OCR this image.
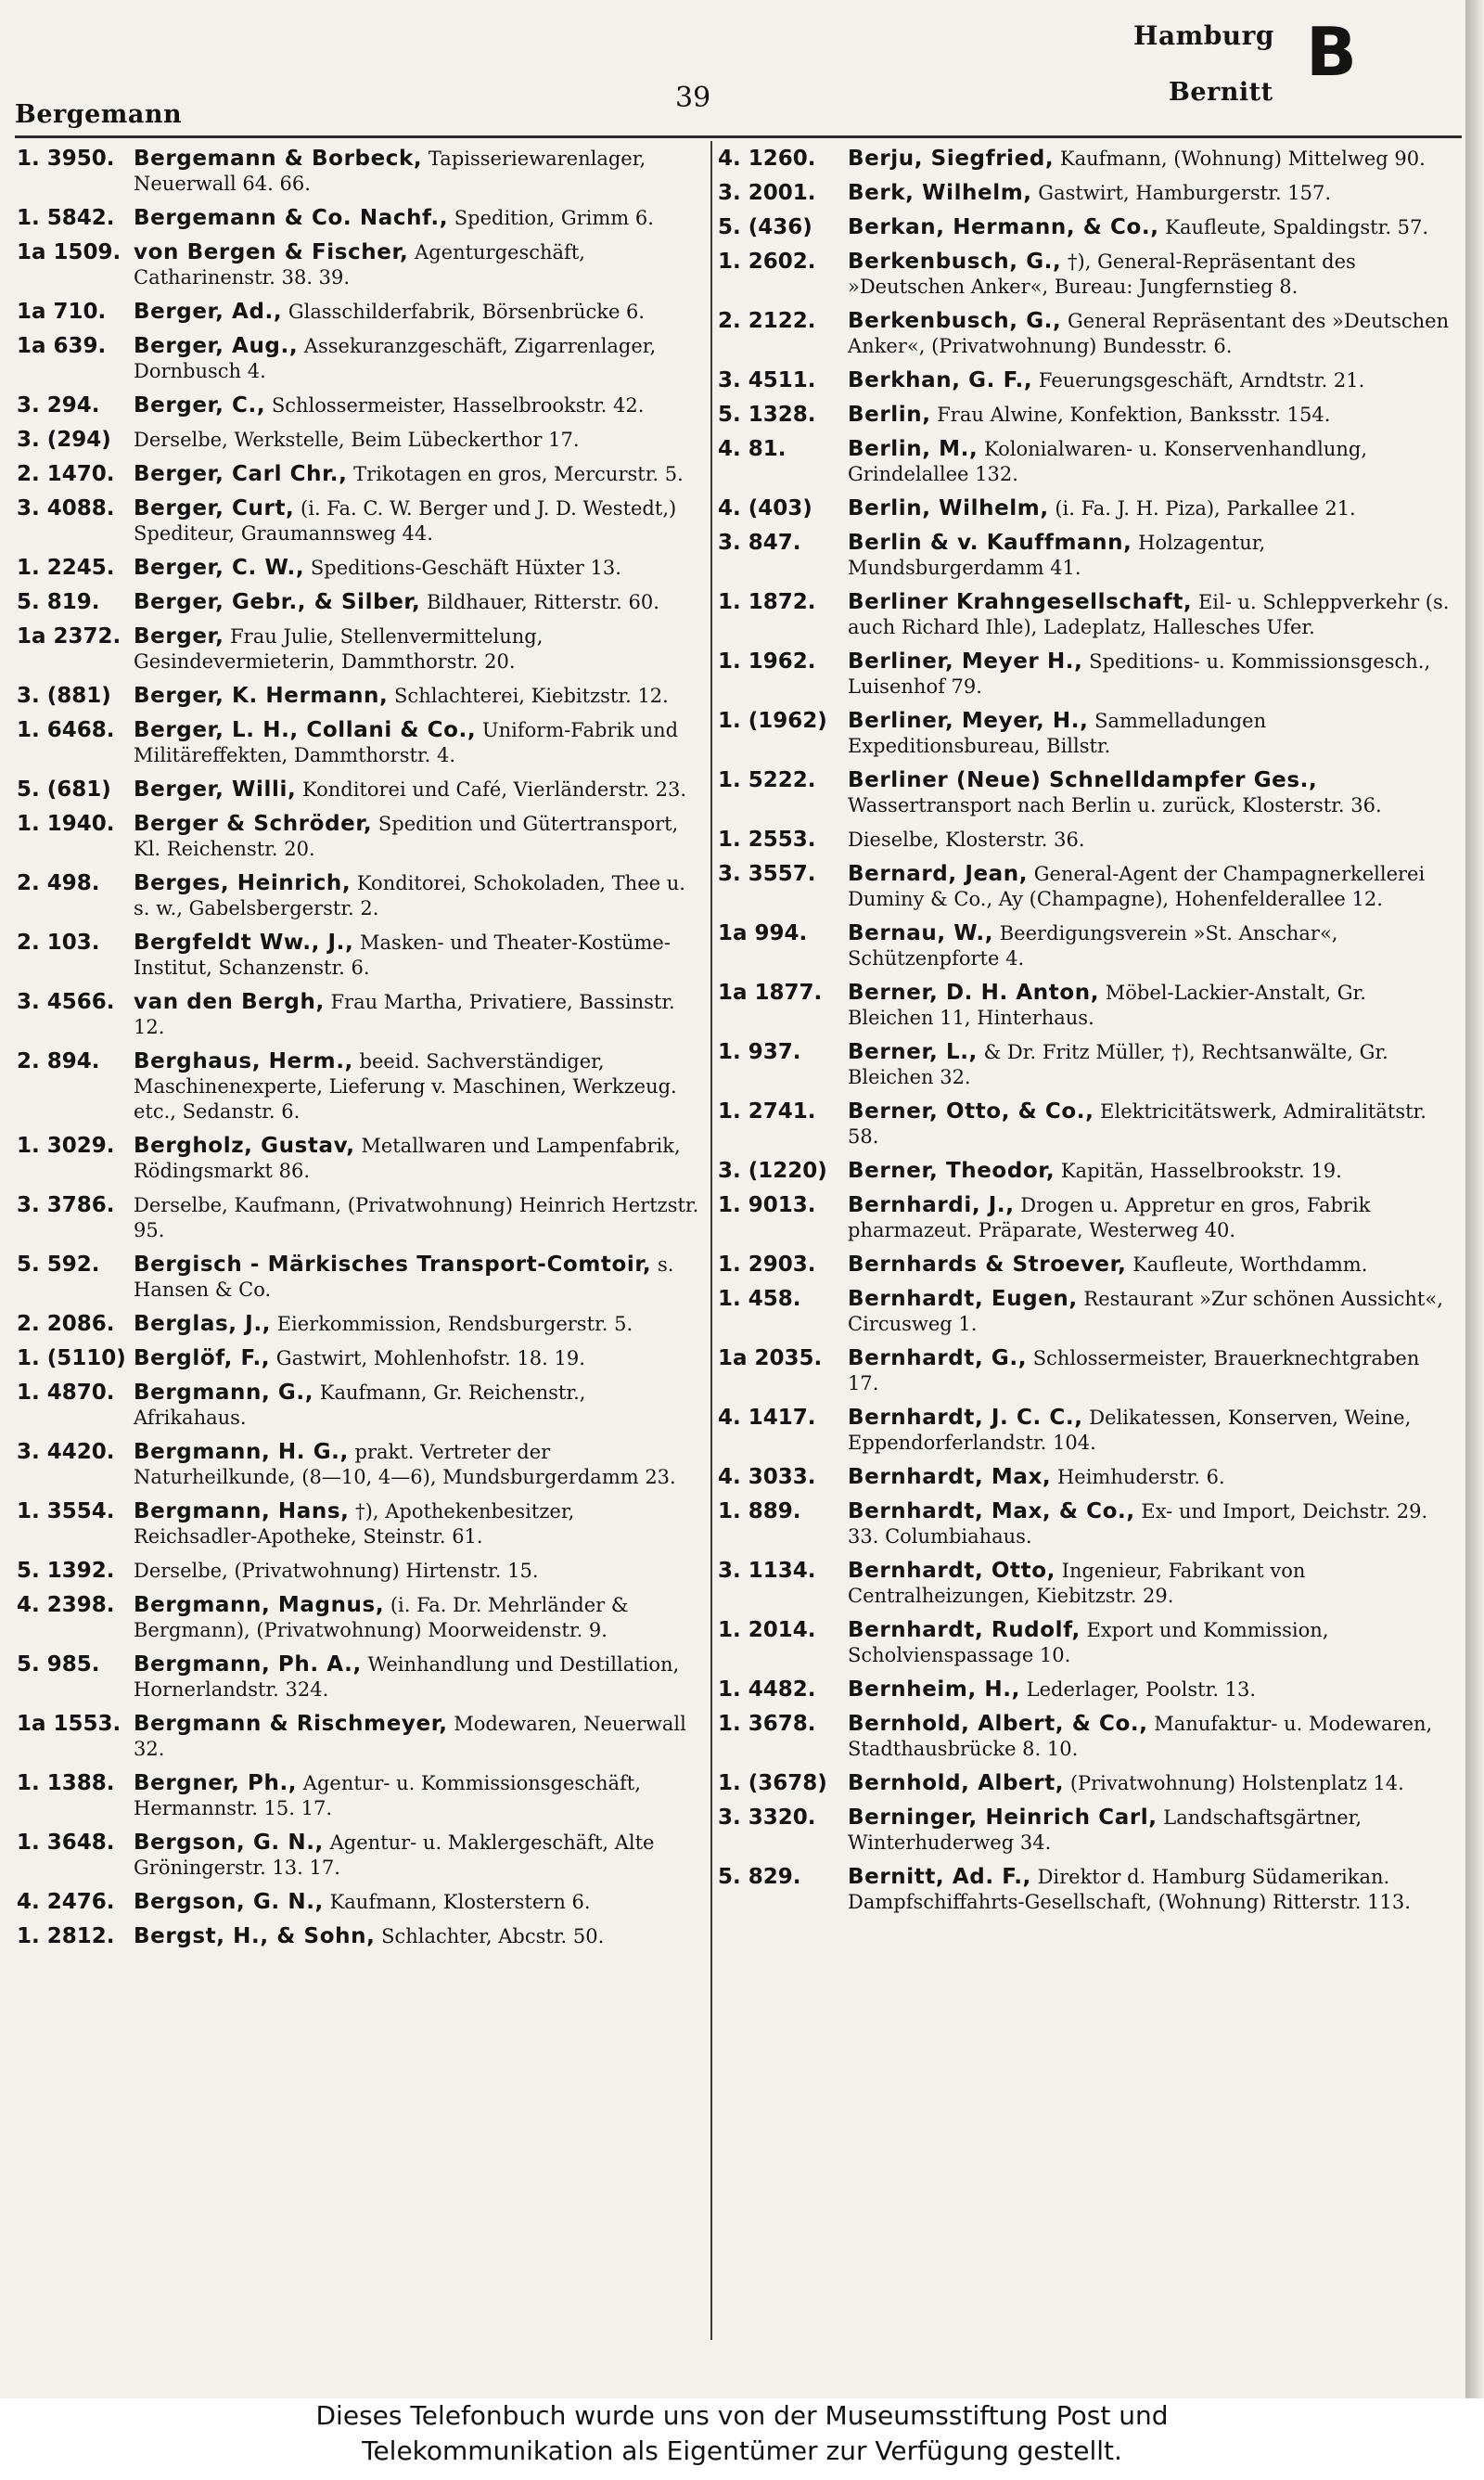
Bergemann
39
Hamburg
Bernitt
B
1. 3950. Bergemann & Borbeck, Tapisseriewarenlager, Neuerwall 64. 66.
1. 5842. Bergemann & Co. Nachf., Spedition, Grimm 6.
1a 1509. von Bergen & Fischer, Agenturgeschäft, Catharinenstr. 38. 39.
1a 710.	Berger, Ad., Glasschilderfabrik, Börsenbrücke 6.
1a 639.	Berger, Aug., Assekuranzgeschäft, Zigarrenlager, Dornbusch 4.
3. 294.	Berger, C., Schlossermeister, Hasselbrookstr. 42.
3. (294)	Derselbe, Werkstelle, Beim Lübeckerthor 17.
2. 1470. Berger, Carl Chr., Trikotagen en gros, Mercurstr. 5.
3. 4088. Berger, Curt, (i. Fa. C. W. Berger und J. D. Westedt,) Spediteur, Graumannsweg 44.
1. 2245. Berger, C. W., Speditions-Geschäft Hüxter 13.
5. 819.	Berger, Gebr., & Silber, Bildhauer, Ritterstr. 60.
1a 2372. Berger, Frau Julie, Stellenvermittelung, Gesindevermieterin, Dammthorstr. 20.
3. (881)	Berger, K. Hermann, Schlachterei, Kiebitzstr. 12.
1. 6468. Berger, L. H., Collani & Co., Uniform-Fabrik und Militäreffekten, Dammthorstr. 4.
5. (681)	Berger, Willi, Konditorei und Café, Vierländerstr. 23.
1. 1940. Berger & Schröder, Spedition und Gütertransport, Kl. Reichenstr. 20.
2. 498.	Berges, Heinrich, Konditorei, Schokoladen, Thee u. s. w., Gabelsbergerstr. 2.
2. 103.	Bergfeldt Ww., J., Masken- und Theater-Kostüme-Institut, Schanzenstr. 6.
3. 4566. van den Bergh, Frau Martha, Privatiere, Bassinstr. 12.
2. 894.	Berghaus, Herm., beeid. Sachverständiger, Maschinenexperte, Lieferung v. Maschinen, Werkzeug. etc., Sedanstr. 6.
1. 3029. Bergholz, Gustav, Metallwaren und Lampenfabrik, Rödingsmarkt 86.
3. 3786. Derselbe, Kaufmann, (Privatwohnung) Heinrich Hertzstr. 95.
5. 592.	Bergisch - Märkisches Transport-Comtoir, s. Hansen & Co.
2. 2086. Berglas, J., Eierkommission, Rendsburgerstr. 5.
1. (5110) Berglöf, F., Gastwirt, Mohlenhofstr. 18. 19.
1. 4870. Bergmann, G., Kaufmann, Gr. Reichenstr., Afrikahaus.
3. 4420. Bergmann, H. G., prakt. Vertreter der Naturheilkunde, (8—10, 4—6), Mundsburgerdamm 23.
1. 3554. Bergmann, Hans, †), Apothekenbesitzer, Reichsadler-Apotheke, Steinstr. 61.
5. 1392. Derselbe, (Privatwohnung) Hirtenstr. 15.
4. 2398. Bergmann, Magnus, (i. Fa. Dr. Mehrländer & Bergmann), (Privatwohnung) Moorweidenstr. 9.
5. 985.	Bergmann, Ph. A., Weinhandlung und Destillation, Hornerlandstr. 324.
1a 1553. Bergmann & Rischmeyer, Modewaren, Neuerwall 32.
1. 1388. Bergner, Ph., Agentur- u. Kommissionsgeschäft, Hermannstr. 15. 17.
1. 3648. Bergson, G. N., Agentur- u. Maklergeschäft, Alte Gröningerstr. 13. 17.
4. 2476. Bergson, G. N., Kaufmann, Klosterstern 6.
1. 2812. Bergst, H., & Sohn, Schlachter, Abcstr. 50.
4. 1260.	Berju, Siegfried, Kaufmann, (Wohnung) Mittelweg 90.
3. 2001.	Berk, Wilhelm, Gastwirt, Hamburgerstr. 157.
5. (436)	Berkan, Hermann, & Co., Kaufleute, Spaldingstr. 57.
1. 2602.	Berkenbusch, G., †), General-Repräsentant des »Deutschen Anker«, Bureau: Jungfernstieg 8.
2. 2122.	Berkenbusch, G., General Repräsentant des »Deutschen Anker«, (Privatwohnung) Bundesstr. 6.
3. 4511.	Berkhan, G. F., Feuerungsgeschäft, Arndtstr. 21.
5. 1328.	Berlin, Frau Alwine, Konfektion, Banksstr. 154.
4. 81.	Berlin, M., Kolonialwaren- u. Konservenhandlung, Grindelallee 132.
4. (403)	Berlin, Wilhelm, (i. Fa. J. H. Piza), Parkallee 21.
3. 847.	Berlin & v. Kauffmann, Holzagentur, Mundsburgerdamm 41.
1. 1872.	Berliner Krahngesellschaft, Eil- u. Schleppverkehr (s. auch Richard Ihle), Ladeplatz, Hallesches Ufer.
1. 1962.	Berliner, Meyer H., Speditions- u. Kommissionsgesch., Luisenhof 79.
1. (1962) Berliner, Meyer, H., Sammelladungen Expeditionsbureau, Billstr.
1. 5222.	Berliner (Neue) Schnelldampfer Ges., Wassertransport nach Berlin u. zurück, Klosterstr. 36.
1. 2553.	Dieselbe, Klosterstr. 36.
3. 3557.	Bernard, Jean, General-Agent der Champagnerkellerei Duminy & Co., Ay (Champagne), Hohenfelderallee 12.
1a 994.	Bernau, W., Beerdigungsverein »St. Anschar«, Schützenpforte 4.
1a 1877.	Berner, D. H. Anton, Möbel-Lackier-Anstalt, Gr. Bleichen 11, Hinterhaus.
1. 937.	Berner, L., & Dr. Fritz Müller, †), Rechtsanwälte, Gr. Bleichen 32.
1. 2741.	Berner, Otto, & Co., Elektricitätswerk, Admiralitätstr. 58.
3. (1220) Berner, Theodor, Kapitän, Hasselbrookstr. 19.
1. 9013.	Bernhardi, J., Drogen u. Appretur en gros, Fabrik pharmazeut. Präparate, Westerweg 40.
1. 2903.	Bernhards & Stroever, Kaufleute, Worthdamm.
1. 458.	Bernhardt, Eugen, Restaurant »Zur schönen Aussicht«, Circusweg 1.
1a 2035.	Bernhardt, G., Schlossermeister, Brauerknechtgraben 17.
4. 1417.	Bernhardt, J. C. C., Delikatessen, Konserven, Weine, Eppendorferlandstr. 104.
4. 3033.	Bernhardt, Max, Heimhuderstr. 6.
1. 889.	Bernhardt, Max, & Co., Ex- und Import, Deichstr. 29. 33. Columbiahaus.
3. 1134.	Bernhardt, Otto, Ingenieur, Fabrikant von Centralheizungen, Kiebitzstr. 29.
1. 2014.	Bernhardt, Rudolf, Export und Kommission, Scholvienspassage 10.
1. 4482.	Bernheim, H., Lederlager, Poolstr. 13.
1. 3678.	Bernhold, Albert, & Co., Manufaktur- u. Modewaren, Stadthausbrücke 8. 10.
1. (3678) Bernhold, Albert, (Privatwohnung) Holstenplatz 14.
3. 3320.	Berninger, Heinrich Carl, Landschaftsgärtner, Winterhuderweg 34.
5. 829.	Bernitt, Ad. F., Direktor d. Hamburg Südamerikan. Dampfschiffahrts-Gesellschaft, (Wohnung) Ritterstr. 113.
Dieses Telefonbuch wurde uns von der Museumsstiftung Post und
Telekommunikation als Eigentümer zur Verfügung gestellt.
